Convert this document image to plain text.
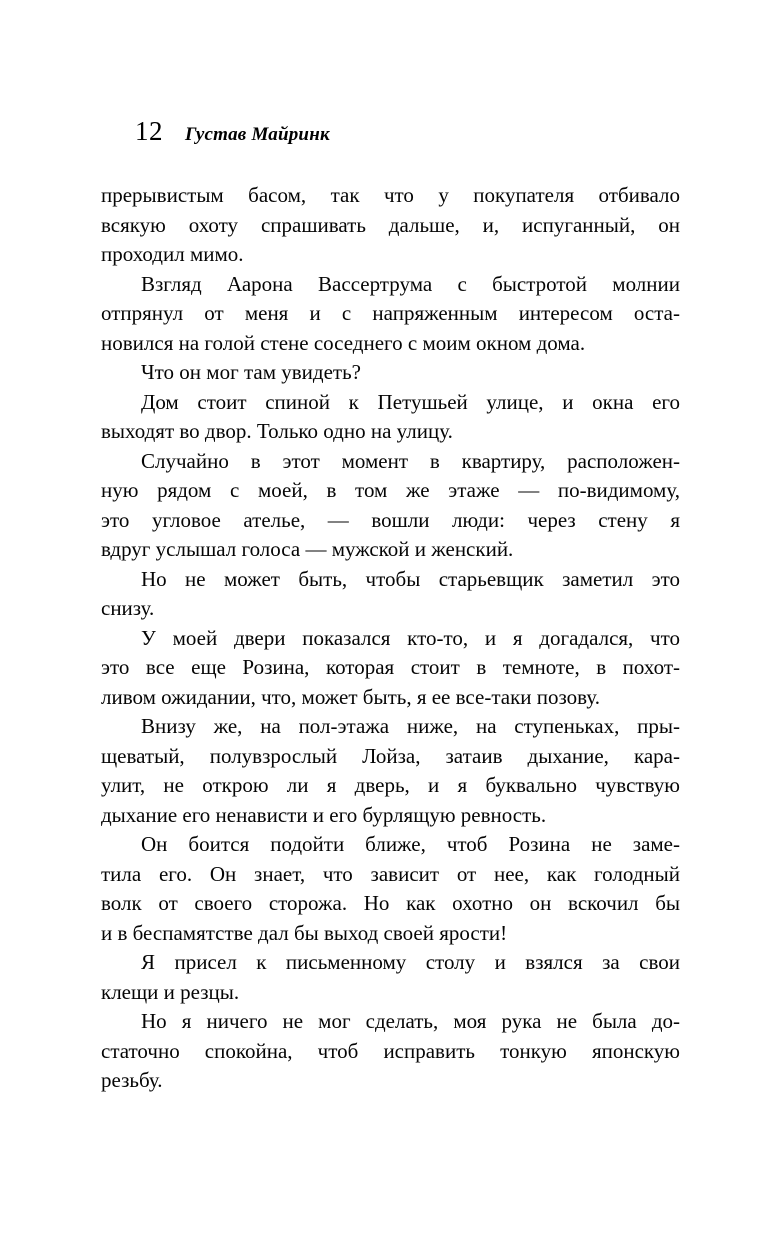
12 Густав Майринк

прерывистым басом, так что у покупателя отбивало
всякую охоту спрашивать дальше, и, испуганный, он
проходил мимо.

Взгляд Аарона Вассертрума с быстротой молнии
отпрянул от меня и с напряженным интересом оста-
новился на голой стене соседнего с моим окном дома.

Что он мог там увидеть?

Дом стоит спиной к Петушьей улице, и окна его
выходят во двор. Только одно на улицу.

Случайно в этот момент в квартиру, расположен-
ную рядом с моей, в том же этаже — по-видимому,
это угловое ателье, — вошли люди: через стену я
вдруг услышал голоса — мужской и женский.

Но не может быть, чтобы старьевщик заметил это
снизу.

У моей двери показался кто-то, и я догадался, что
это все еще Розина, которая стоит в темноте, в похот-
ливом ожидании, что, может быть, я ее все-таки позову.

Внизу же, на пол-этажа ниже, на ступеньках, пры-
щеватый, полувзрослый Лойза, затаив дыхание, кара-
улит, не открою ли я дверь, и я буквально чувствую
дыхание его ненависти и его бурлящую ревность.

Он боится подойти ближе, чтоб Розина не заме-
тила его. Он знает, что зависит от нее, как голодный
волк от своего сторожа. Но как охотно он вскочил бы
и в беспамятстве дал бы выход своей ярости!

Я присел к письменному столу и взялся за свои
клещи и резцы.

Но я ничего не мог сделать, моя рука не была до-
статочно спокойна, чтоб исправить тонкую японскую
резьбу.
